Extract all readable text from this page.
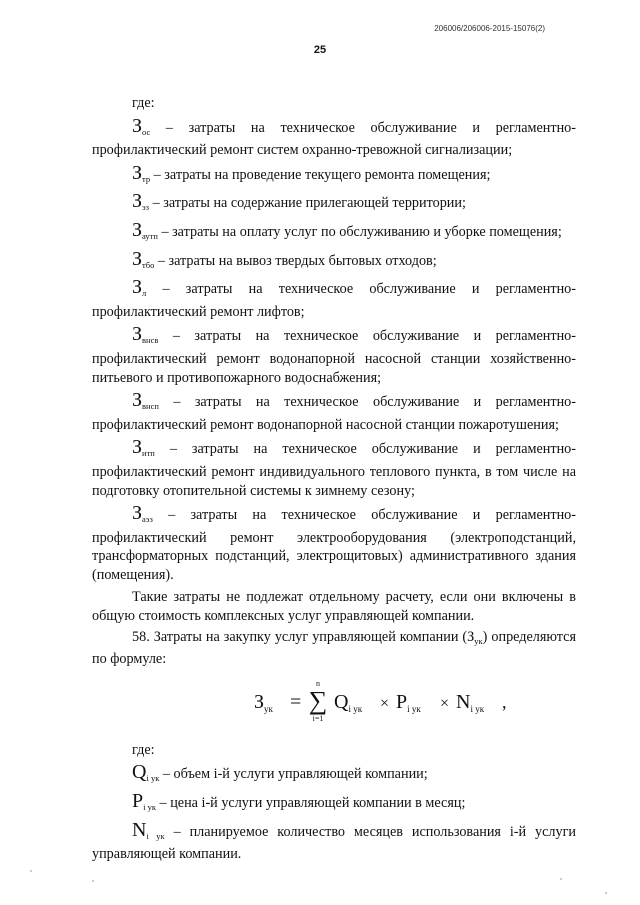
206006/206006-2015-15076(2)
25

где:

$З_{ос}$ – затраты на техническое обслуживание и регламентно-профилактический ремонт систем охранно-тревожной сигнализации;

$З_{тр}$ – затраты на проведение текущего ремонта помещения;

$З_{эз}$ – затраты на содержание прилегающей территории;

$З_{аутп}$ – затраты на оплату услуг по обслуживанию и уборке помещения;

$З_{тбо}$ – затраты на вывоз твердых бытовых отходов;

$З_л$ – затраты на техническое обслуживание и регламентно-профилактический ремонт лифтов;

$З_{внсв}$ – затраты на техническое обслуживание и регламентно-профилактический ремонт водонапорной насосной станции хозяйственно-питьевого и противопожарного водоснабжения;

$З_{внсп}$ – затраты на техническое обслуживание и регламентно-профилактический ремонт водонапорной насосной станции пожаротушения;

$З_{итп}$ – затраты на техническое обслуживание и регламентно-профилактический ремонт индивидуального теплового пункта, в том числе на подготовку отопительной системы к зимнему сезону;

$З_{аэз}$ – затраты на техническое обслуживание и регламентно-профилактический ремонт электрооборудования (электроподстанций, трансформаторных подстанций, электрощитовых) административного здания (помещения).

Такие затраты не подлежат отдельному расчету, если они включены в общую стоимость комплексных услуг управляющей компании.

58. Затраты на закупку услуг управляющей компании $(З_{ук})$ определяются по формуле:

$З_{ук}$ =
n
∑
i=1
$Q_{i ук} \times P_{i ук} \times N_{i ук}$ ,

где:

$Q_{i ук}$ – объем i-й услуги управляющей компании;

$P_{i ук}$ – цена i-й услуги управляющей компании в месяц;

$N_{i ук}$ – планируемое количество месяцев использования i-й услуги управляющей компании.
